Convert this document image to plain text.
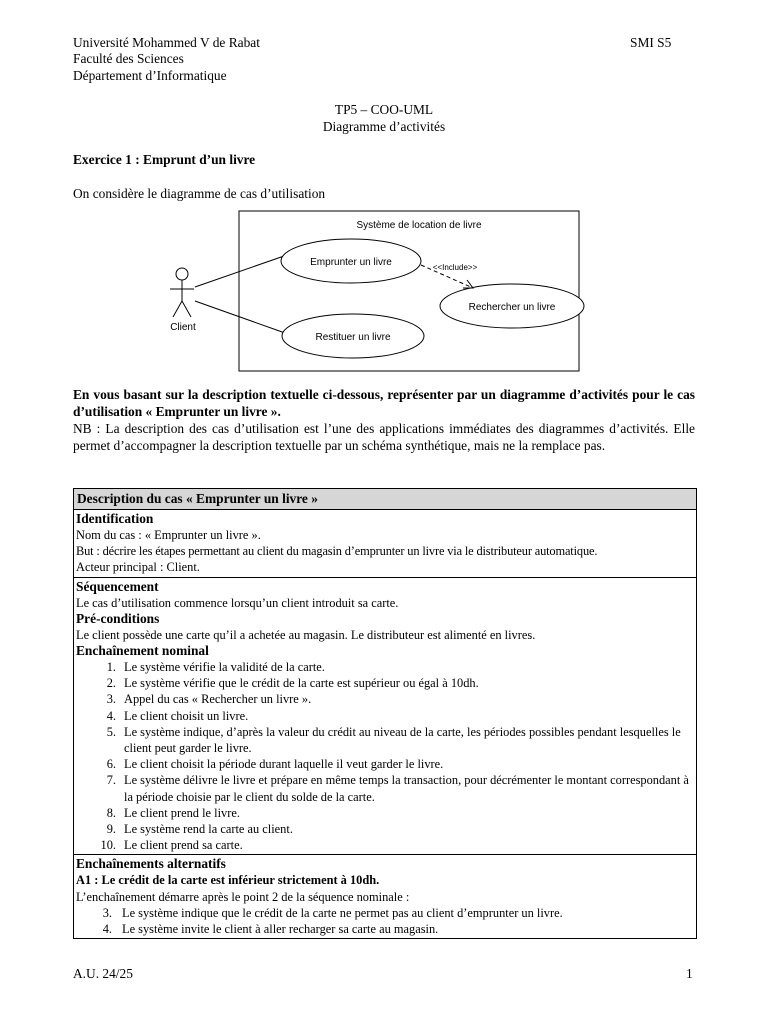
Université Mohammed V de Rabat
Faculté des Sciences
Département d’Informatique
SMI S5
TP5 – COO-UML
Diagramme d’activités
Exercice 1 : Emprunt d’un livre
On considère le diagramme de cas d’utilisation
Système de location de livre
Client
Emprunter un livre
Rechercher un livre
Restituer un livre
<<Include>>
En vous basant sur la description textuelle ci-dessous, représenter par un diagramme d’activités pour le cas d’utilisation « Emprunter un livre ».
NB : La description des cas d’utilisation est l’une des applications immédiates des diagrammes d’activités. Elle permet d’accompagner la description textuelle par un schéma synthétique, mais ne la remplace pas.
Description du cas « Emprunter un livre »
Identification
Nom du cas : « Emprunter un livre ».
But : décrire les étapes permettant au client du magasin d’emprunter un livre via le distributeur automatique.
Acteur principal : Client.
Séquencement
Le cas d’utilisation commence lorsqu’un client introduit sa carte.
Pré-conditions
Le client possède une carte qu’il a achetée au magasin. Le distributeur est alimenté en livres.
Enchaînement nominal
1 . Le système vérifie la validité de la carte.
2 . Le système vérifie que le crédit de la carte est supérieur ou égal à 10dh.
3 . Appel du cas « Rechercher un livre ».
4 . Le client choisit un livre.
5 . Le système indique, d’après la valeur du crédit au niveau de la carte, les périodes possibles pendant lesquelles le client peut garder le livre.
6 . Le client choisit la période durant laquelle il veut garder le livre.
7 . Le système délivre le livre et prépare en même temps la transaction, pour décrémenter le montant correspondant à la période choisie par le client du solde de la carte.
8 . Le client prend le livre.
9 . Le système rend la carte au client.
10 . Le client prend sa carte.
Enchaînements alternatifs
A1 : Le crédit de la carte est inférieur strictement à 10dh.
L’enchaînement démarre après le point 2 de la séquence nominale :
3 . Le système indique que le crédit de la carte ne permet pas au client d’emprunter un livre.
4 . Le système invite le client à aller recharger sa carte au magasin.
A.U. 24/25	1
